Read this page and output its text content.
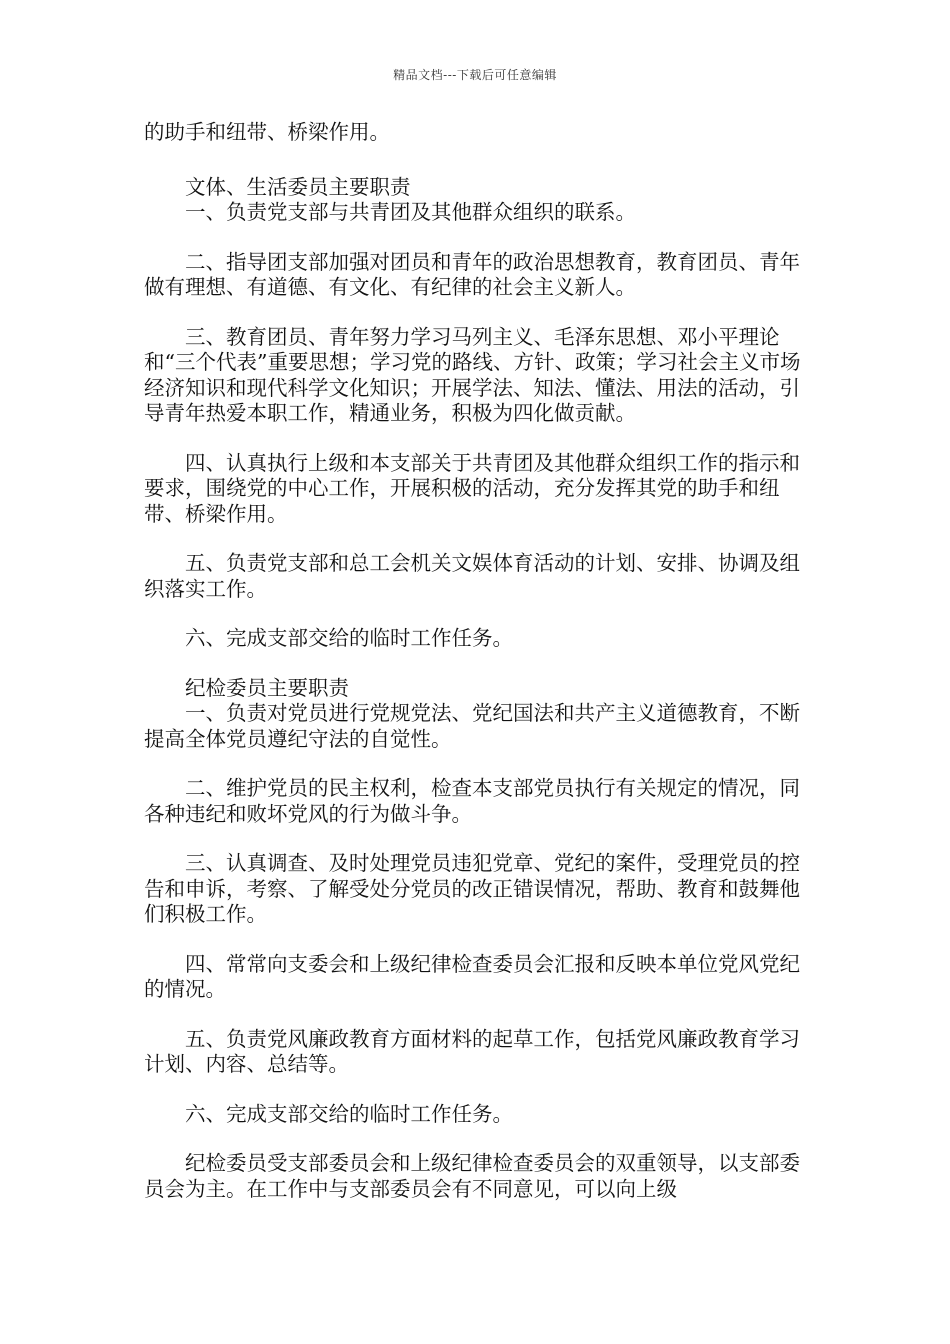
精品文档---下载后可任意编辑

的助手和纽带、桥梁作用。

文体、生活委员主要职责

一、负责党支部与共青团及其他群众组织的联系。

二、指导团支部加强对团员和青年的政治思想教育，教育团员、青年做有理想、有道德、有文化、有纪律的社会主义新人。

三、教育团员、青年努力学习马列主义、毛泽东思想、邓小平理论和“三个代表”重要思想；学习党的路线、方针、政策；学习社会主义市场经济知识和现代科学文化知识；开展学法、知法、懂法、用法的活动，引导青年热爱本职工作，精通业务，积极为四化做贡献。

四、认真执行上级和本支部关于共青团及其他群众组织工作的指示和要求，围绕党的中心工作，开展积极的活动，充分发挥其党的助手和纽带、桥梁作用。

五、负责党支部和总工会机关文娱体育活动的计划、安排、协调及组织落实工作。

六、完成支部交给的临时工作任务。

纪检委员主要职责

一、负责对党员进行党规党法、党纪国法和共产主义道德教育，不断提高全体党员遵纪守法的自觉性。

二、维护党员的民主权利，检查本支部党员执行有关规定的情况，同各种违纪和败坏党风的行为做斗争。

三、认真调查、及时处理党员违犯党章、党纪的案件，受理党员的控告和申诉，考察、了解受处分党员的改正错误情况，帮助、教育和鼓舞他们积极工作。

四、常常向支委会和上级纪律检查委员会汇报和反映本单位党风党纪的情况。

五、负责党风廉政教育方面材料的起草工作，包括党风廉政教育学习计划、内容、总结等。

六、完成支部交给的临时工作任务。

纪检委员受支部委员会和上级纪律检查委员会的双重领导，以支部委员会为主。在工作中与支部委员会有不同意见，可以向上级
